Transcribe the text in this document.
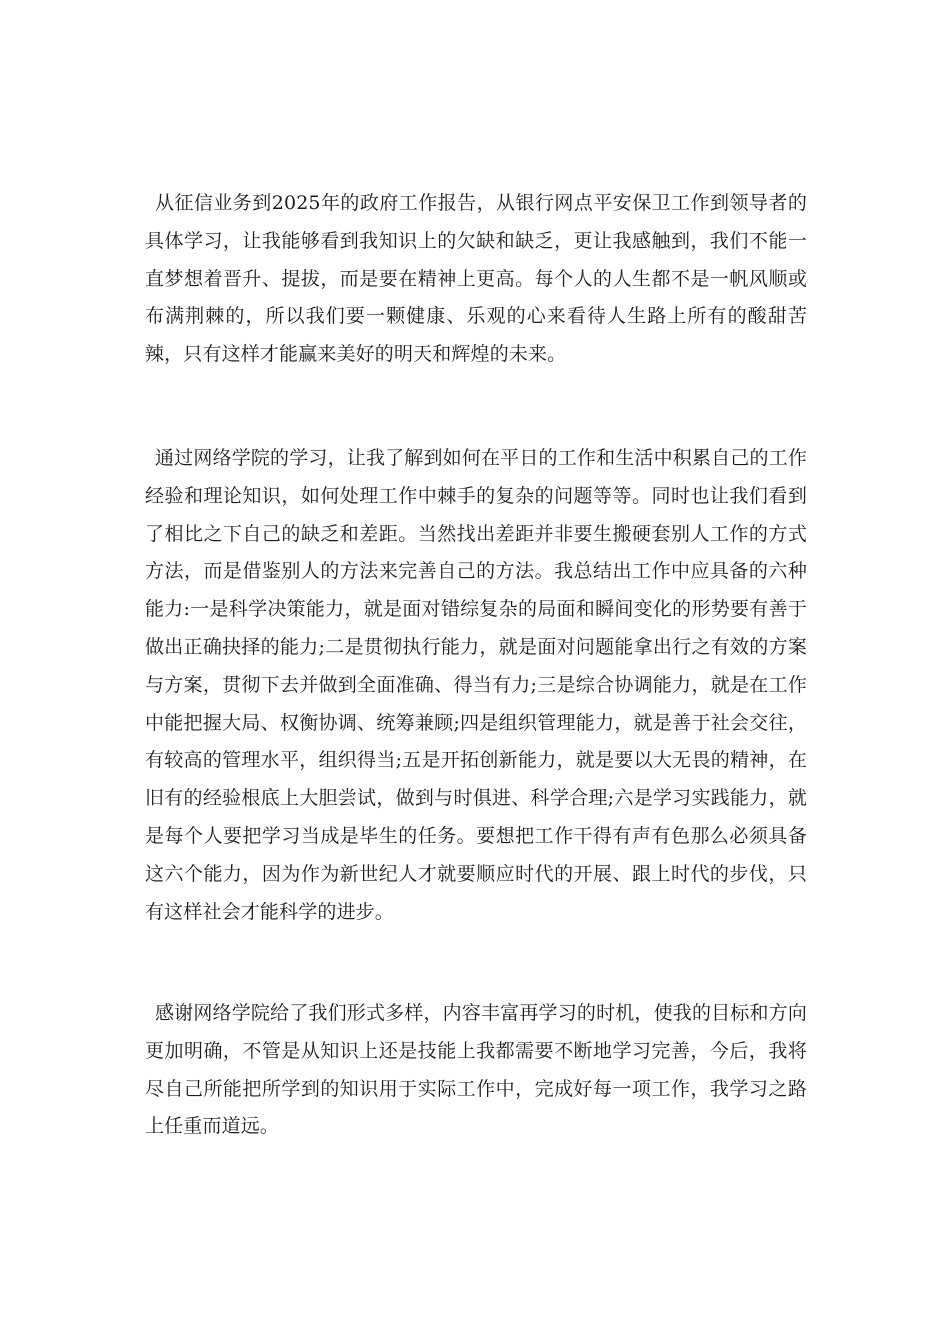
从征信业务到2025年的政府工作报告，从银行网点平安保卫工作到领导者的具体学习，让我能够看到我知识上的欠缺和缺乏，更让我感触到，我们不能一直梦想着晋升、提拔，而是要在精神上更高。每个人的人生都不是一帆风顺或布满荆棘的，所以我们要一颗健康、乐观的心来看待人生路上所有的酸甜苦辣，只有这样才能赢来美好的明天和辉煌的未来。

通过网络学院的学习，让我了解到如何在平日的工作和生活中积累自己的工作经验和理论知识，如何处理工作中棘手的复杂的问题等等。同时也让我们看到了相比之下自己的缺乏和差距。当然找出差距并非要生搬硬套别人工作的方式方法，而是借鉴别人的方法来完善自己的方法。我总结出工作中应具备的六种能力:一是科学决策能力，就是面对错综复杂的局面和瞬间变化的形势要有善于做出正确抉择的能力;二是贯彻执行能力，就是面对问题能拿出行之有效的方案与方案，贯彻下去并做到全面准确、得当有力;三是综合协调能力，就是在工作中能把握大局、权衡协调、统筹兼顾;四是组织管理能力，就是善于社会交往，有较高的管理水平，组织得当;五是开拓创新能力，就是要以大无畏的精神，在旧有的经验根底上大胆尝试，做到与时俱进、科学合理;六是学习实践能力，就是每个人要把学习当成是毕生的任务。要想把工作干得有声有色那么必须具备这六个能力，因为作为新世纪人才就要顺应时代的开展、跟上时代的步伐，只有这样社会才能科学的进步。

感谢网络学院给了我们形式多样，内容丰富再学习的时机，使我的目标和方向更加明确，不管是从知识上还是技能上我都需要不断地学习完善，今后，我将尽自己所能把所学到的知识用于实际工作中，完成好每一项工作，我学习之路上任重而道远。
